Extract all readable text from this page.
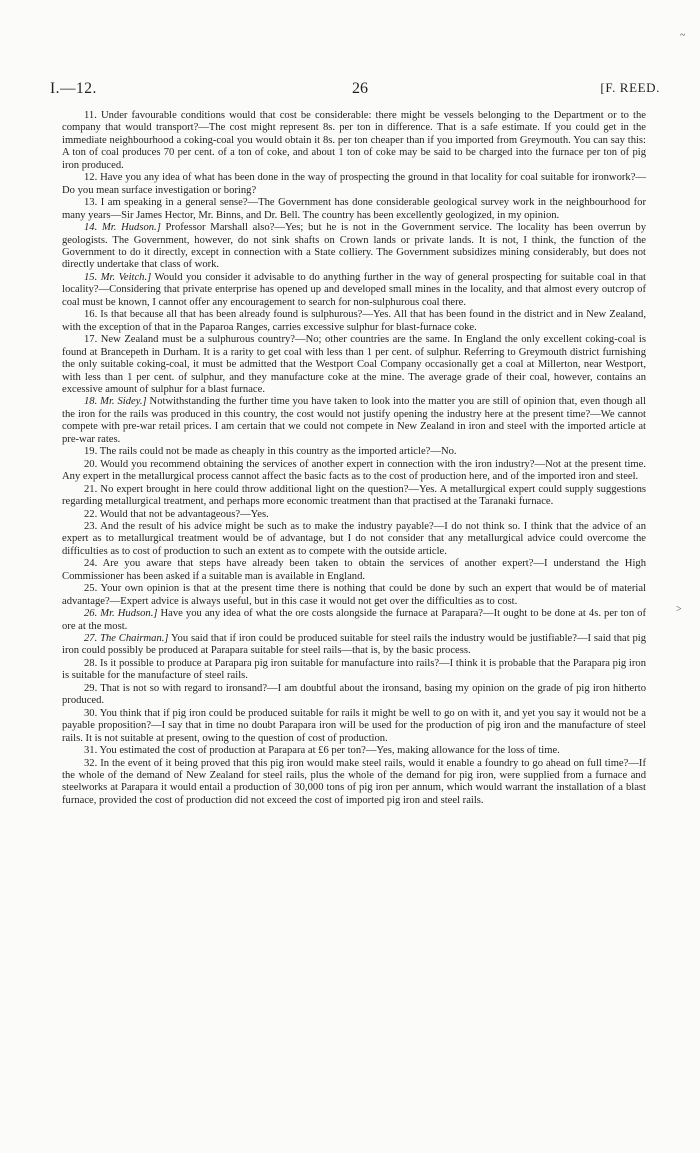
I.—12.	26	[F. REED.

11. Under favourable conditions would that cost be considerable: there might be vessels belonging to the Department or to the company that would transport?—The cost might represent 8s. per ton in difference. That is a safe estimate. If you could get in the immediate neighbourhood a coking-coal you would obtain it 8s. per ton cheaper than if you imported from Greymouth. You can say this: A ton of coal produces 70 per cent. of a ton of coke, and about 1 ton of coke may be said to be charged into the furnace per ton of pig iron produced.

12. Have you any idea of what has been done in the way of prospecting the ground in that locality for coal suitable for ironwork?—Do you mean surface investigation or boring?

13. I am speaking in a general sense?—The Government has done considerable geological survey work in the neighbourhood for many years—Sir James Hector, Mr. Binns, and Dr. Bell. The country has been excellently geologized, in my opinion.

14. Mr. Hudson.] Professor Marshall also?—Yes; but he is not in the Government service. The locality has been overrun by geologists. The Government, however, do not sink shafts on Crown lands or private lands. It is not, I think, the function of the Government to do it directly, except in connection with a State colliery. The Government subsidizes mining considerably, but does not directly undertake that class of work.

15. Mr. Veitch.] Would you consider it advisable to do anything further in the way of general prospecting for suitable coal in that locality?—Considering that private enterprise has opened up and developed small mines in the locality, and that almost every outcrop of coal must be known, I cannot offer any encouragement to search for non-sulphurous coal there.

16. Is that because all that has been already found is sulphurous?—Yes. All that has been found in the district and in New Zealand, with the exception of that in the Paparoa Ranges, carries excessive sulphur for blast-furnace coke.

17. New Zealand must be a sulphurous country?—No; other countries are the same. In England the only excellent coking-coal is found at Brancepeth in Durham. It is a rarity to get coal with less than 1 per cent. of sulphur. Referring to Greymouth district furnishing the only suitable coking-coal, it must be admitted that the Westport Coal Company occasionally get a coal at Millerton, near Westport, with less than 1 per cent. of sulphur, and they manufacture coke at the mine. The average grade of their coal, however, contains an excessive amount of sulphur for a blast furnace.

18. Mr. Sidey.] Notwithstanding the further time you have taken to look into the matter you are still of opinion that, even though all the iron for the rails was produced in this country, the cost would not justify opening the industry here at the present time?—We cannot compete with pre-war retail prices. I am certain that we could not compete in New Zealand in iron and steel with the imported article at pre-war rates.

19. The rails could not be made as cheaply in this country as the imported article?—No.

20. Would you recommend obtaining the services of another expert in connection with the iron industry?—Not at the present time. Any expert in the metallurgical process cannot affect the basic facts as to the cost of production here, and of the imported iron and steel.

21. No expert brought in here could throw additional light on the question?—Yes. A metallurgical expert could supply suggestions regarding metallurgical treatment, and perhaps more economic treatment than that practised at the Taranaki furnace.

22. Would that not be advantageous?—Yes.

23. And the result of his advice might be such as to make the industry payable?—I do not think so. I think that the advice of an expert as to metallurgical treatment would be of advantage, but I do not consider that any metallurgical advice could overcome the difficulties as to cost of production to such an extent as to compete with the outside article.

24. Are you aware that steps have already been taken to obtain the services of another expert?—I understand the High Commissioner has been asked if a suitable man is available in England.

25. Your own opinion is that at the present time there is nothing that could be done by such an expert that would be of material advantage?—Expert advice is always useful, but in this case it would not get over the difficulties as to cost.

26. Mr. Hudson.] Have you any idea of what the ore costs alongside the furnace at Parapara?—It ought to be done at 4s. per ton of ore at the most.

27. The Chairman.] You said that if iron could be produced suitable for steel rails the industry would be justifiable?—I said that pig iron could possibly be produced at Parapara suitable for steel rails—that is, by the basic process.

28. Is it possible to produce at Parapara pig iron suitable for manufacture into rails?—I think it is probable that the Parapara pig iron is suitable for the manufacture of steel rails.

29. That is not so with regard to ironsand?—I am doubtful about the ironsand, basing my opinion on the grade of pig iron hitherto produced.

30. You think that if pig iron could be produced suitable for rails it might be well to go on with it, and yet you say it would not be a payable proposition?—I say that in time no doubt Parapara iron will be used for the production of pig iron and the manufacture of steel rails. It is not suitable at present, owing to the question of cost of production.

31. You estimated the cost of production at Parapara at £6 per ton?—Yes, making allowance for the loss of time.

32. In the event of it being proved that this pig iron would make steel rails, would it enable a foundry to go ahead on full time?—If the whole of the demand of New Zealand for steel rails, plus the whole of the demand for pig iron, were supplied from a furnace and steelworks at Parapara it would entail a production of 30,000 tons of pig iron per annum, which would warrant the installation of a blast furnace, provided the cost of production did not exceed the cost of imported pig iron and steel rails.

~
>
